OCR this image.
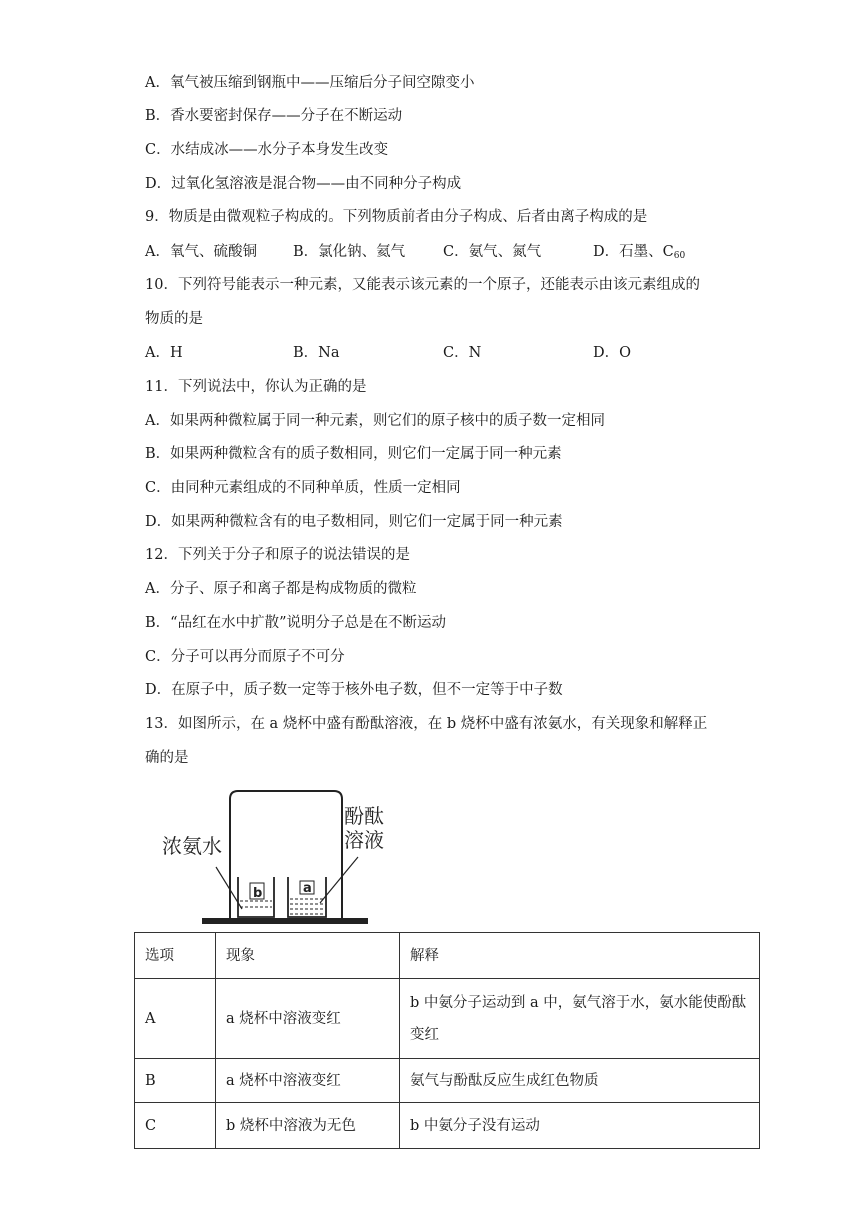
A．氧气被压缩到钢瓶中——压缩后分子间空隙变小
B．香水要密封保存——分子在不断运动
C．水结成冰——水分子本身发生改变
D．过氧化氢溶液是混合物——由不同种分子构成
9．物质是由微观粒子构成的。下列物质前者由分子构成、后者由离子构成的是
A．氧气、硫酸铜 B．氯化钠、氦气	C．氨气、氮气	D．石墨、$C_{60}$
10．下列符号能表示一种元素，又能表示该元素的一个原子，还能表示由该元素组成的
物质的是
A．H	B．Na	C．N	D．O
11．下列说法中，你认为正确的是
A．如果两种微粒属于同一种元素，则它们的原子核中的质子数一定相同
B．如果两种微粒含有的质子数相同，则它们一定属于同一种元素
C．由同种元素组成的不同种单质，性质一定相同
D．如果两种微粒含有的电子数相同，则它们一定属于同一种元素
12．下列关于分子和原子的说法错误的是
A．分子、原子和离子都是构成物质的微粒
B．“品红在水中扩散”说明分子总是在不断运动
C．分子可以再分而原子不可分
D．在原子中，质子数一定等于核外电子数，但不一定等于中子数
13．如图所示，在 a 烧杯中盛有酚酞溶液，在 b 烧杯中盛有浓氨水，有关现象和解释正
确的是
浓氨水
酚酞
溶液
b	a
选项	现象	解释
A	a 烧杯中溶液变红	b 中氨分子运动到 a 中，氨气溶于水，氨水能使酚酞
变红

B	a 烧杯中溶液变红	氨气与酚酞反应生成红色物质
C	b 烧杯中溶液为无色	b 中氨分子没有运动
